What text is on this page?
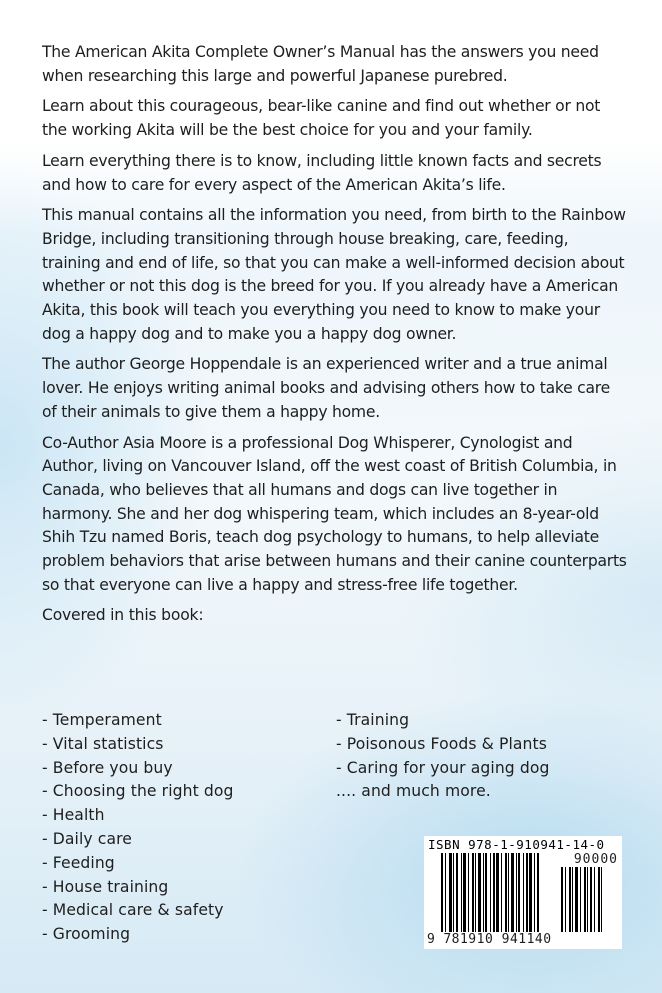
The American Akita Complete Owner’s Manual has the answers you need when researching this large and powerful Japanese purebred.

Learn about this courageous, bear-like canine and find out whether or not the working Akita will be the best choice for you and your family.

Learn everything there is to know, including little known facts and secrets and how to care for every aspect of the American Akita’s life.

This manual contains all the information you need, from birth to the Rainbow Bridge, including transitioning through house breaking, care, feeding, training and end of life, so that you can make a well-informed decision about whether or not this dog is the breed for you. If you already have a American Akita, this book will teach you everything you need to know to make your dog a happy dog and to make you a happy dog owner.

The author George Hoppendale is an experienced writer and a true animal lover. He enjoys writing animal books and advising others how to take care of their animals to give them a happy home.

Co-Author Asia Moore is a professional Dog Whisperer, Cynologist and Author, living on Vancouver Island, off the west coast of British Columbia, in Canada, who believes that all humans and dogs can live together in harmony. She and her dog whispering team, which includes an 8-year-old Shih Tzu named Boris, teach dog psychology to humans, to help alleviate problem behaviors that arise between humans and their canine counterparts so that everyone can live a happy and stress-free life together.

Covered in this book:
- Temperament
- Vital statistics
- Before you buy
- Choosing the right dog
- Health
- Daily care
- Feeding
- House training
- Medical care & safety
- Grooming
- Training
- Poisonous Foods & Plants
- Caring for your aging dog
.... and much more.
ISBN 978-1-910941-14-0
90000
9 781910 941140
